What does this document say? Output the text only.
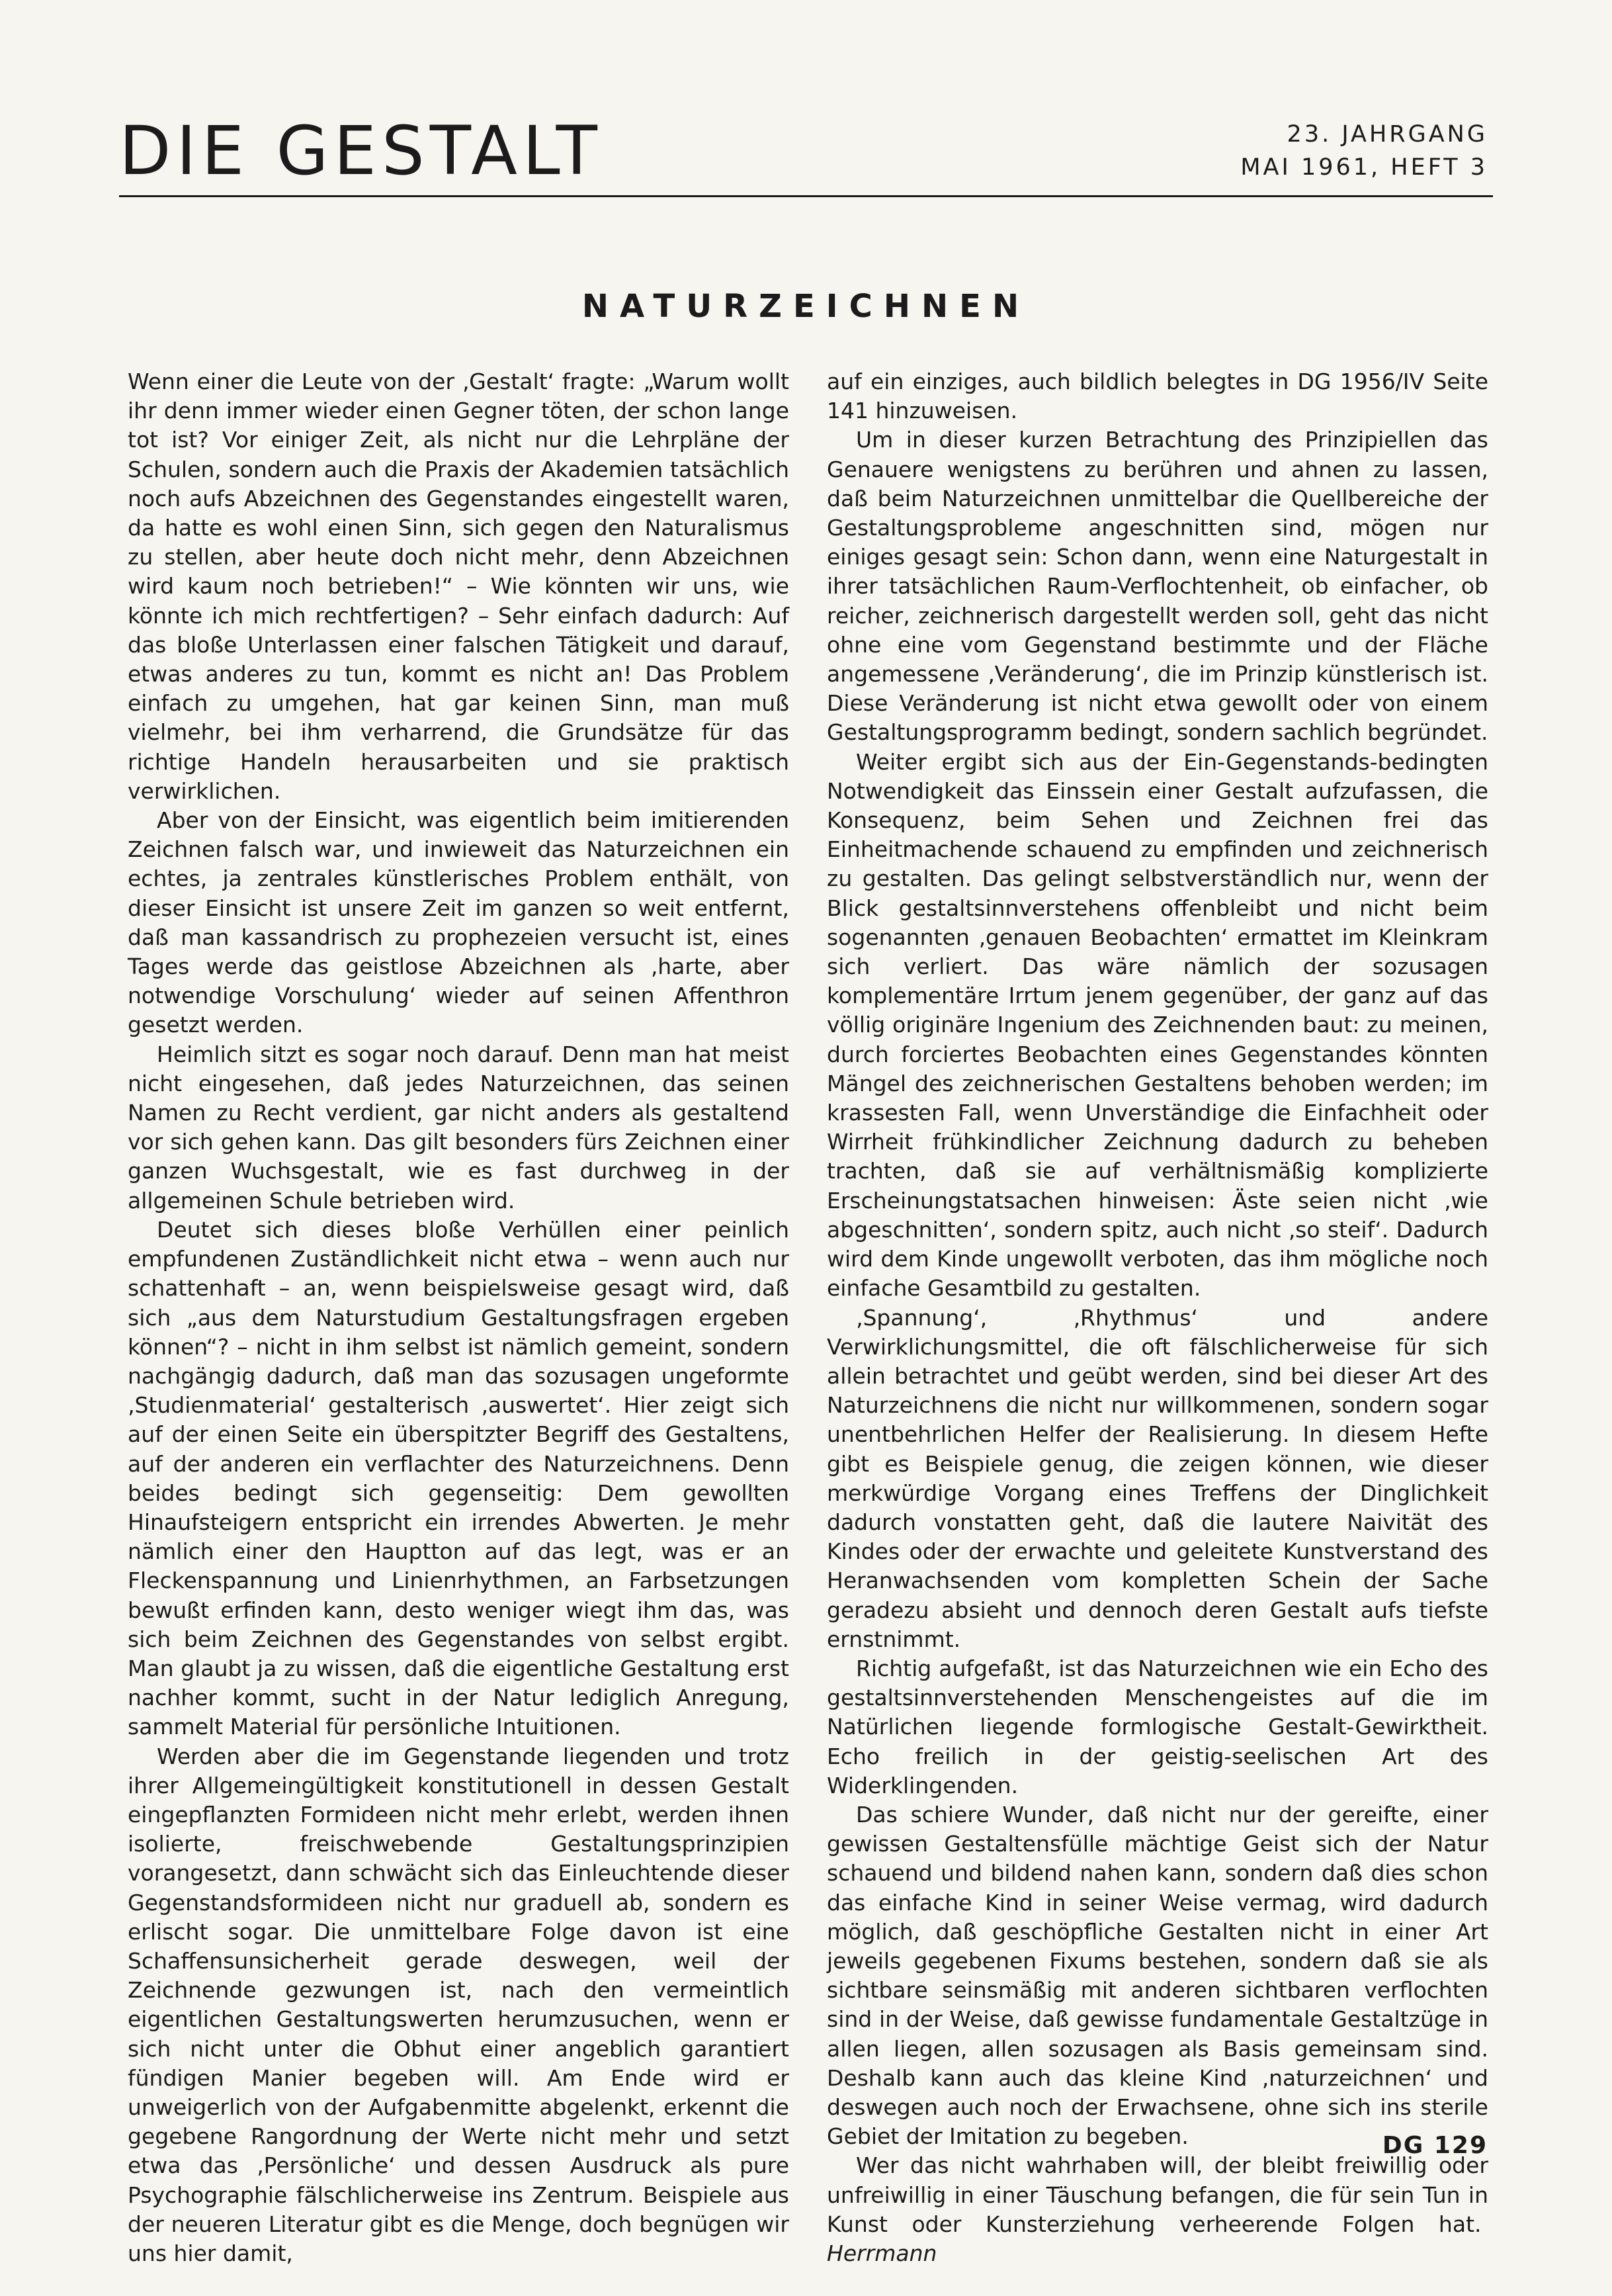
DIE GESTALT	23. JAHRGANG
MAI 1961, HEFT 3
NATURZEICHNEN

Wenn einer die Leute von der ‚Gestalt‘ fragte: „Warum wollt ihr denn immer wieder einen Gegner töten, der schon lange tot ist? Vor einiger Zeit, als nicht nur die Lehrpläne der Schulen, sondern auch die Praxis der Akademien tatsächlich noch aufs Abzeichnen des Gegenstandes eingestellt waren, da hatte es wohl einen Sinn, sich gegen den Naturalismus zu stellen, aber heute doch nicht mehr, denn Abzeichnen wird kaum noch betrieben!“ – Wie könnten wir uns, wie könnte ich mich rechtfertigen? – Sehr einfach dadurch: Auf das bloße Unterlassen einer falschen Tätigkeit und darauf, etwas anderes zu tun, kommt es nicht an! Das Problem einfach zu umgehen, hat gar keinen Sinn, man muß vielmehr, bei ihm verharrend, die Grundsätze für das richtige Handeln herausarbeiten und sie praktisch verwirklichen.

Aber von der Einsicht, was eigentlich beim imitierenden Zeichnen falsch war, und inwieweit das Naturzeichnen ein echtes, ja zentrales künstlerisches Problem enthält, von dieser Einsicht ist unsere Zeit im ganzen so weit entfernt, daß man kassandrisch zu prophezeien versucht ist, eines Tages werde das geistlose Abzeichnen als ‚harte, aber notwendige Vorschulung‘ wieder auf seinen Affenthron gesetzt werden.

Heimlich sitzt es sogar noch darauf. Denn man hat meist nicht eingesehen, daß jedes Naturzeichnen, das seinen Namen zu Recht verdient, gar nicht anders als gestaltend vor sich gehen kann. Das gilt besonders fürs Zeichnen einer ganzen Wuchsgestalt, wie es fast durchweg in der allgemeinen Schule betrieben wird.

Deutet sich dieses bloße Verhüllen einer peinlich empfundenen Zuständlichkeit nicht etwa – wenn auch nur schattenhaft – an, wenn beispielsweise gesagt wird, daß sich „aus dem Naturstudium Gestaltungsfragen ergeben können“? – nicht in ihm selbst ist nämlich gemeint, sondern nachgängig dadurch, daß man das sozusagen ungeformte ‚Studienmaterial‘ gestalterisch ‚auswertet‘. Hier zeigt sich auf der einen Seite ein überspitzter Begriff des Gestaltens, auf der anderen ein verflachter des Naturzeichnens. Denn beides bedingt sich gegenseitig: Dem gewollten Hinaufsteigern entspricht ein irrendes Abwerten. Je mehr nämlich einer den Hauptton auf das legt, was er an Fleckenspannung und Linienrhythmen, an Farbsetzungen bewußt erfinden kann, desto weniger wiegt ihm das, was sich beim Zeichnen des Gegenstandes von selbst ergibt. Man glaubt ja zu wissen, daß die eigentliche Gestaltung erst nachher kommt, sucht in der Natur lediglich Anregung, sammelt Material für persönliche Intuitionen.

Werden aber die im Gegenstande liegenden und trotz ihrer Allgemeingültigkeit konstitutionell in dessen Gestalt eingepflanzten Formideen nicht mehr erlebt, werden ihnen isolierte, freischwebende Gestaltungsprinzipien vorangesetzt, dann schwächt sich das Einleuchtende dieser Gegenstandsformideen nicht nur graduell ab, sondern es erlischt sogar. Die unmittelbare Folge davon ist eine Schaffensunsicherheit gerade deswegen, weil der Zeichnende gezwungen ist, nach den vermeintlich eigentlichen Gestaltungswerten herumzusuchen, wenn er sich nicht unter die Obhut einer angeblich garantiert fündigen Manier begeben will. Am Ende wird er unweigerlich von der Aufgabenmitte abgelenkt, erkennt die gegebene Rangordnung der Werte nicht mehr und setzt etwa das ‚Persönliche‘ und dessen Ausdruck als pure Psychographie fälschlicherweise ins Zentrum. Beispiele aus der neueren Literatur gibt es die Menge, doch begnügen wir uns hier damit,

auf ein einziges, auch bildlich belegtes in DG 1956/IV Seite 141 hinzuweisen.

Um in dieser kurzen Betrachtung des Prinzipiellen das Genauere wenigstens zu berühren und ahnen zu lassen, daß beim Naturzeichnen unmittelbar die Quellbereiche der Gestaltungsprobleme angeschnitten sind, mögen nur einiges gesagt sein: Schon dann, wenn eine Naturgestalt in ihrer tatsächlichen Raum-Verflochtenheit, ob einfacher, ob reicher, zeichnerisch dargestellt werden soll, geht das nicht ohne eine vom Gegenstand bestimmte und der Fläche angemessene ‚Veränderung‘, die im Prinzip künstlerisch ist. Diese Veränderung ist nicht etwa gewollt oder von einem Gestaltungsprogramm bedingt, sondern sachlich begründet.

Weiter ergibt sich aus der Ein-Gegenstands-bedingten Notwendigkeit das Einssein einer Gestalt aufzufassen, die Konsequenz, beim Sehen und Zeichnen frei das Einheitmachende schauend zu empfinden und zeichnerisch zu gestalten. Das gelingt selbstverständlich nur, wenn der Blick gestaltsinnverstehens offenbleibt und nicht beim sogenannten ‚genauen Beobachten‘ ermattet im Kleinkram sich verliert. Das wäre nämlich der sozusagen komplementäre Irrtum jenem gegenüber, der ganz auf das völlig originäre Ingenium des Zeichnenden baut: zu meinen, durch forciertes Beobachten eines Gegenstandes könnten Mängel des zeichnerischen Gestaltens behoben werden; im krassesten Fall, wenn Unverständige die Einfachheit oder Wirrheit frühkindlicher Zeichnung dadurch zu beheben trachten, daß sie auf verhältnismäßig komplizierte Erscheinungstatsachen hinweisen: Äste seien nicht ‚wie abgeschnitten‘, sondern spitz, auch nicht ‚so steif‘. Dadurch wird dem Kinde ungewollt verboten, das ihm mögliche noch einfache Gesamtbild zu gestalten.

‚Spannung‘, ‚Rhythmus‘ und andere Verwirklichungsmittel, die oft fälschlicherweise für sich allein betrachtet und geübt werden, sind bei dieser Art des Naturzeichnens die nicht nur willkommenen, sondern sogar unentbehrlichen Helfer der Realisierung. In diesem Hefte gibt es Beispiele genug, die zeigen können, wie dieser merkwürdige Vorgang eines Treffens der Dinglichkeit dadurch vonstatten geht, daß die lautere Naivität des Kindes oder der erwachte und geleitete Kunstverstand des Heranwachsenden vom kompletten Schein der Sache geradezu absieht und dennoch deren Gestalt aufs tiefste ernstnimmt.

Richtig aufgefaßt, ist das Naturzeichnen wie ein Echo des gestaltsinnverstehenden Menschengeistes auf die im Natürlichen liegende formlogische Gestalt-Gewirktheit. Echo freilich in der geistig-seelischen Art des Widerklingenden.

Das schiere Wunder, daß nicht nur der gereifte, einer gewissen Gestaltensfülle mächtige Geist sich der Natur schauend und bildend nahen kann, sondern daß dies schon das einfache Kind in seiner Weise vermag, wird dadurch möglich, daß geschöpfliche Gestalten nicht in einer Art jeweils gegebenen Fixums bestehen, sondern daß sie als sichtbare seinsmäßig mit anderen sichtbaren verflochten sind in der Weise, daß gewisse fundamentale Gestaltzüge in allen liegen, allen sozusagen als Basis gemeinsam sind. Deshalb kann auch das kleine Kind ‚naturzeichnen‘ und deswegen auch noch der Erwachsene, ohne sich ins sterile Gebiet der Imitation zu begeben.

Wer das nicht wahrhaben will, der bleibt freiwillig oder unfreiwillig in einer Täuschung befangen, die für sein Tun in Kunst oder Kunsterziehung verheerende Folgen hat.  Herrmann

DG 129
